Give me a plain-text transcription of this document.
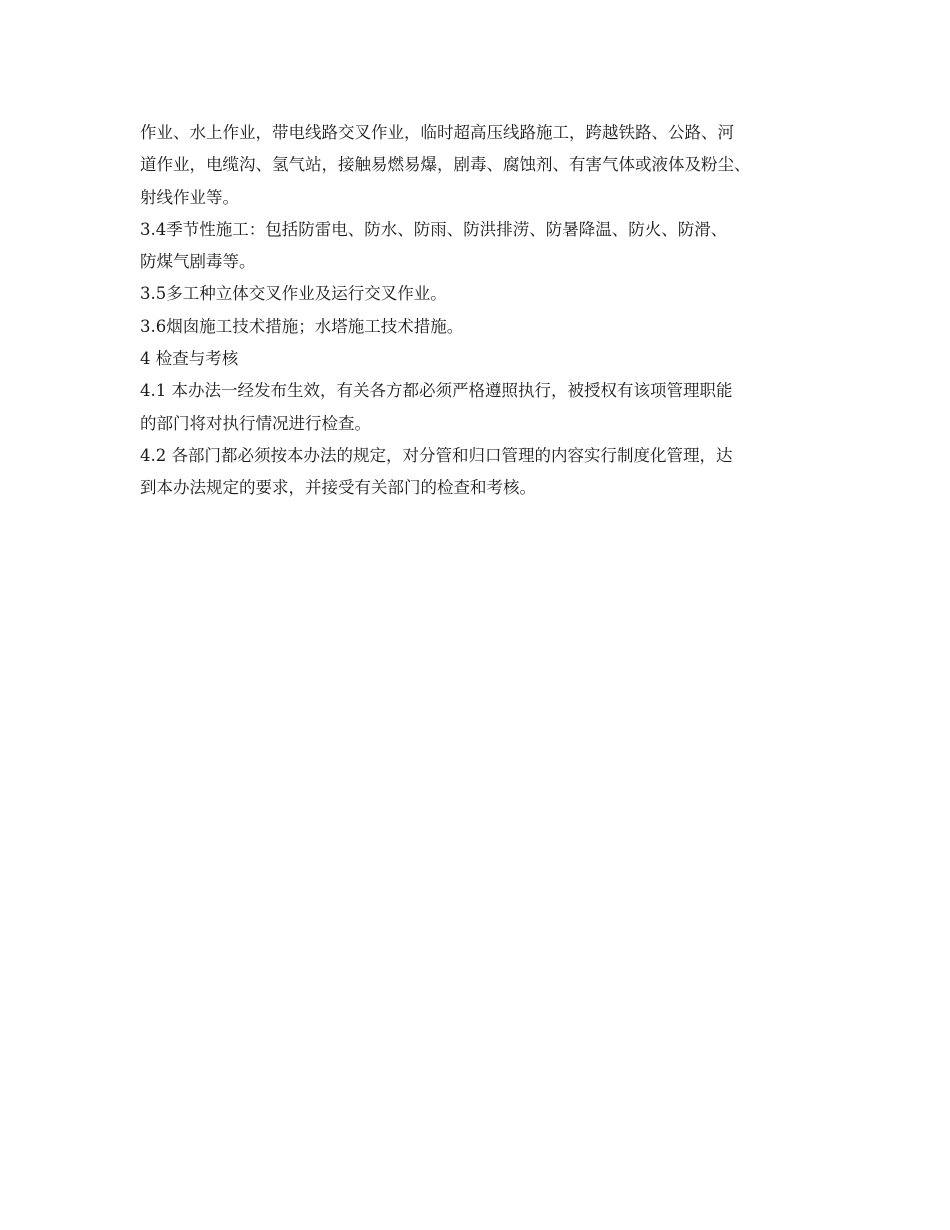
作业、水上作业，带电线路交叉作业，临时超高压线路施工，跨越铁路、公路、河
道作业，电缆沟、氢气站，接触易燃易爆，剧毒、腐蚀剂、有害气体或液体及粉尘、
射线作业等。
3.4季节性施工：包括防雷电、防水、防雨、防洪排涝、防暑降温、防火、防滑、
防煤气剧毒等。
3.5多工种立体交叉作业及运行交叉作业。
3.6烟囱施工技术措施；水塔施工技术措施。
4 检查与考核
4.1 本办法一经发布生效，有关各方都必须严格遵照执行，被授权有该项管理职能
的部门将对执行情况进行检查。
4.2 各部门都必须按本办法的规定，对分管和归口管理的内容实行制度化管理，达
到本办法规定的要求，并接受有关部门的检查和考核。
